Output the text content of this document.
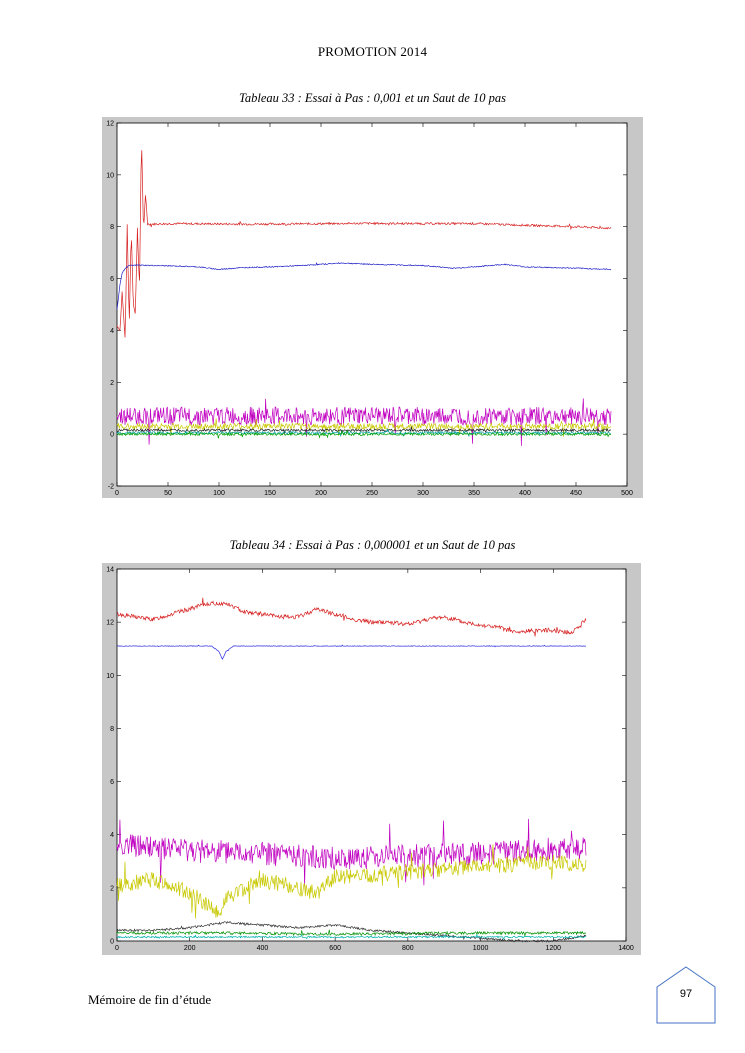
PROMOTION 2014
Tableau 33 : Essai à Pas : 0,001 et un Saut de 10 pas
0	50	100	150	200	250	300	350	400	450	500
-2
0
2
4
6
8
10
12
Tableau 34 : Essai à Pas : 0,000001 et un Saut de 10 pas
0	200	400	600	800	1000	1200	1400
0
2
4
6
8
10
12
14
Mémoire de fin d’étude	97
